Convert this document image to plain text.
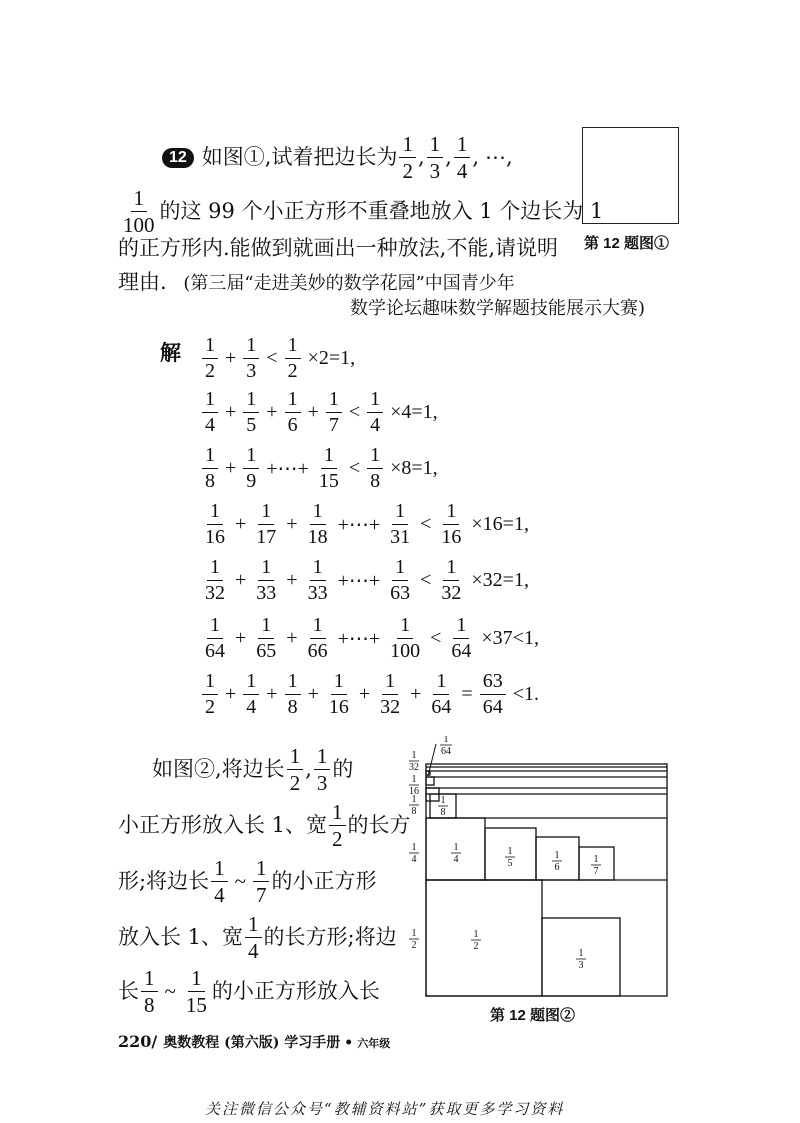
12 如图①,试着把边长为 $\frac{1}{2}$ , $\frac{1}{3}$ , $\frac{1}{4}$ , ⋯,
$\frac{1}{100}$ 的这 99 个小正方形不重叠地放入 1 个边长为 1
的正方形内.能做到就画出一种放法,不能,请说明
理由. (第三届“走进美妙的数学花园”中国青少年
数学论坛趣味数学解题技能展示大赛)
第 12 题图①
解 $\frac{1}{2} + \frac{1}{3} < \frac{1}{2} \times 2=1$,
$\frac{1}{4} + \frac{1}{5} + \frac{1}{6} + \frac{1}{7} < \frac{1}{4} \times 4=1$,
$\frac{1}{8} + \frac{1}{9}$ +⋯+ $\frac{1}{15} < \frac{1}{8} \times 8=1$,
$\frac{1}{16} + \frac{1}{17} + \frac{1}{18}$ +⋯+ $\frac{1}{31} < \frac{1}{16} \times 16=1$,
$\frac{1}{32} + \frac{1}{33} + \frac{1}{33}$ +⋯+ $\frac{1}{63} < \frac{1}{32} \times 32=1$,
$\frac{1}{64} + \frac{1}{65} + \frac{1}{66}$ +⋯+ $\frac{1}{100} < \frac{1}{64} \times 37<1$,
$\frac{1}{2} + \frac{1}{4} + \frac{1}{8} + \frac{1}{16} + \frac{1}{32} + \frac{1}{64} = \frac{63}{64} <1$.
如图②,将边长 $\frac{1}{2}$ , $\frac{1}{3}$ 的
小正方形放入长 1、宽 $\frac{1}{2}$ 的长方
形;将边长 $\frac{1}{4}$ ~ $\frac{1}{7}$ 的小正方形
放入长 1、宽 $\frac{1}{4}$ 的长方形;将边
长 $\frac{1}{8}$ ~ $\frac{1}{15}$ 的小正方形放入长
1
32
1
16
1
8
1
4
1
2
1
64
1
8
1
4
1
5
1
6
1
7
1
2
1
3
第 12 题图②
220 / 奥数教程 (第六版) 学习手册 • 六年级
关注微信公众号“教辅资料站”获取更多学习资料
